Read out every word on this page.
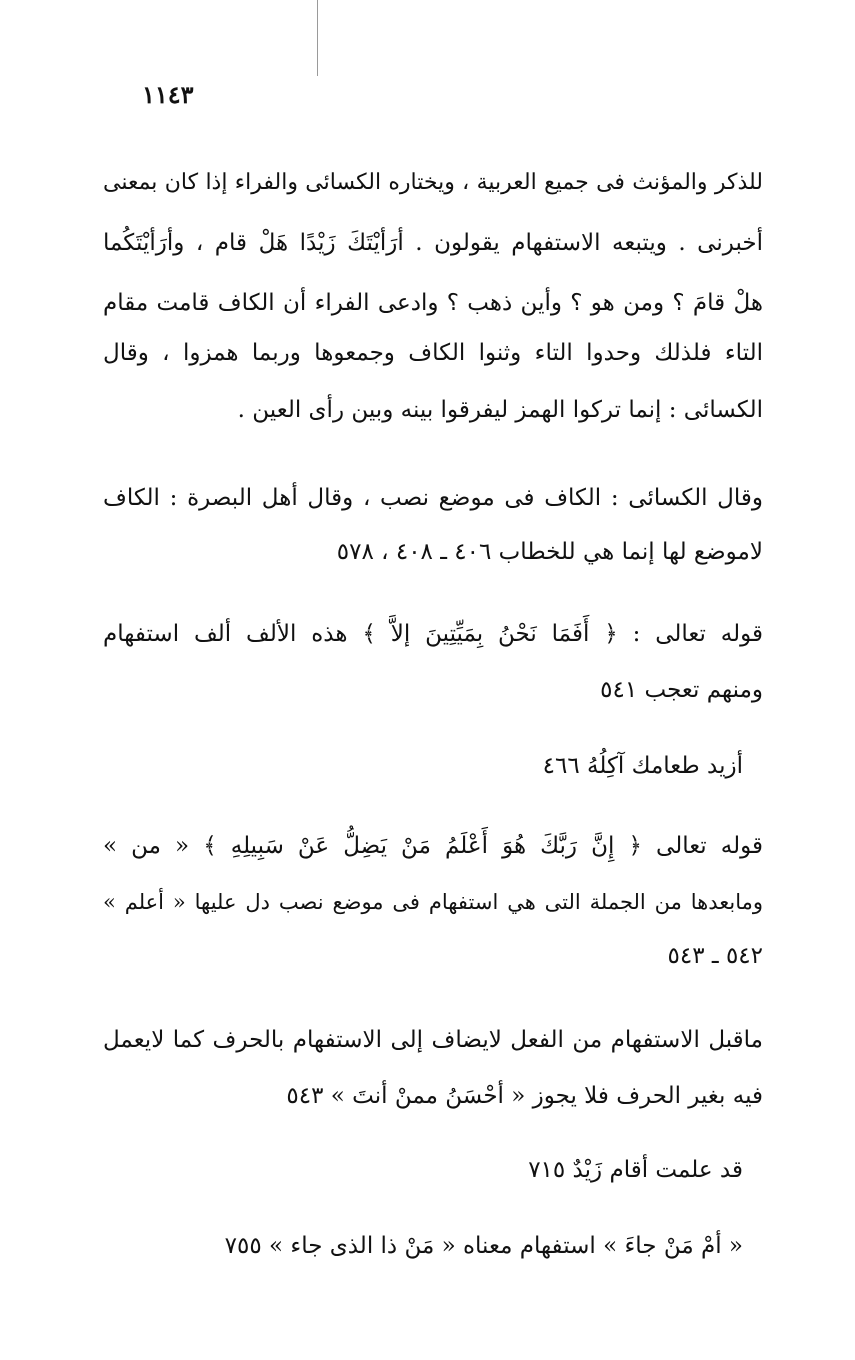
١١٤٣
للذكر والمؤنث فى جميع العربية ، ويختاره الكسائى والفراء إذا كان بمعنى
أخبرنى . ويتبعه الاستفهام يقولون . أرَأيْتَكَ زَيْدًا هَلْ قام ، وأرَأيْتَكُما
هلْ قامَ ؟ ومن هو ؟ وأين ذهب ؟ وادعى الفراء أن الكاف قامت مقام
التاء فلذلك وحدوا التاء وثنوا الكاف وجمعوها وربما همزوا ، وقال
الكسائى : إنما تركوا الهمز ليفرقوا بينه وبين رأى العين .
وقال الكسائى : الكاف فى موضع نصب ، وقال أهل البصرة : الكاف
لاموضع لها إنما هي للخطاب ٤٠٦ ـ ٤٠٨ ، ٥٧٨
قوله تعالى : ﴿ أَفَمَا نَحْنُ بِمَيِّتِينَ إلاَّ ﴾ هذه الألف ألف استفهام
ومنهم تعجب ٥٤١
أزيد طعامك آكِلُهُ ٤٦٦
قوله تعالى ﴿ إِنَّ رَبَّكَ هُوَ أَعْلَمُ مَنْ يَضِلُّ عَنْ سَبِيلِهِ ﴾ « من »
ومابعدها من الجملة التى هي استفهام فى موضع نصب دل عليها « أعلم »
٥٤٢ ـ ٥٤٣
ماقبل الاستفهام من الفعل لايضاف إلى الاستفهام بالحرف كما لايعمل
فيه بغير الحرف فلا يجوز « أحْسَنُ ممنْ أنتَ » ٥٤٣
قد علمت أقام زَيْدٌ ٧١٥
« أمْ مَنْ جاءَ » استفهام معناه « مَنْ ذا الذى جاء » ٧٥٥
